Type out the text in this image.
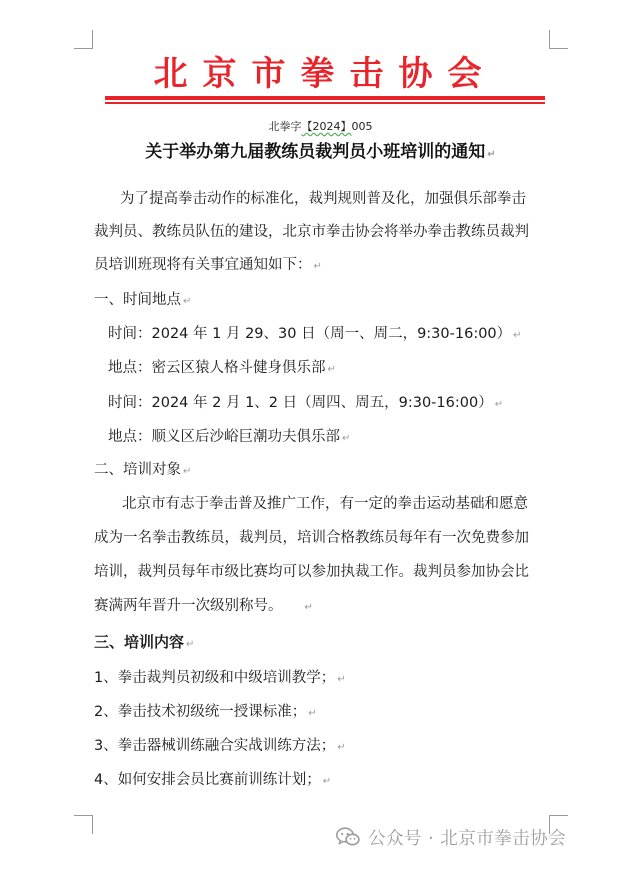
北京市拳击协会
北拳字【2024】005
关于举办第九届教练员裁判员小班培训的通知 ↵
为了提高拳击动作的标准化，裁判规则普及化，加强俱乐部拳击
裁判员、教练员队伍的建设，北京市拳击协会将举办拳击教练员裁判
员培训班现将有关事宜通知如下： ↵
一、时间地点 ↵
时间：2024 年 1 月 29、30 日（周一、周二，9:30-16:00） ↵
地点：密云区猿人格斗健身俱乐部 ↵
时间：2024 年 2 月 1、2 日（周四、周五，9:30-16:00） ↵
地点：顺义区后沙峪巨潮功夫俱乐部 ↵
二、培训对象 ↵
北京市有志于拳击普及推广工作，有一定的拳击运动基础和愿意
成为一名拳击教练员，裁判员，培训合格教练员每年有一次免费参加
培训，裁判员每年市级比赛均可以参加执裁工作。裁判员参加协会比
赛满两年晋升一次级别称号。 ↵
三、培训内容 ↵
1、拳击裁判员初级和中级培训教学； ↵
2、拳击技术初级统一授课标准； ↵
3、拳击器械训练融合实战训练方法； ↵
4、如何安排会员比赛前训练计划； ↵
公众号 · 北京市拳击协会
